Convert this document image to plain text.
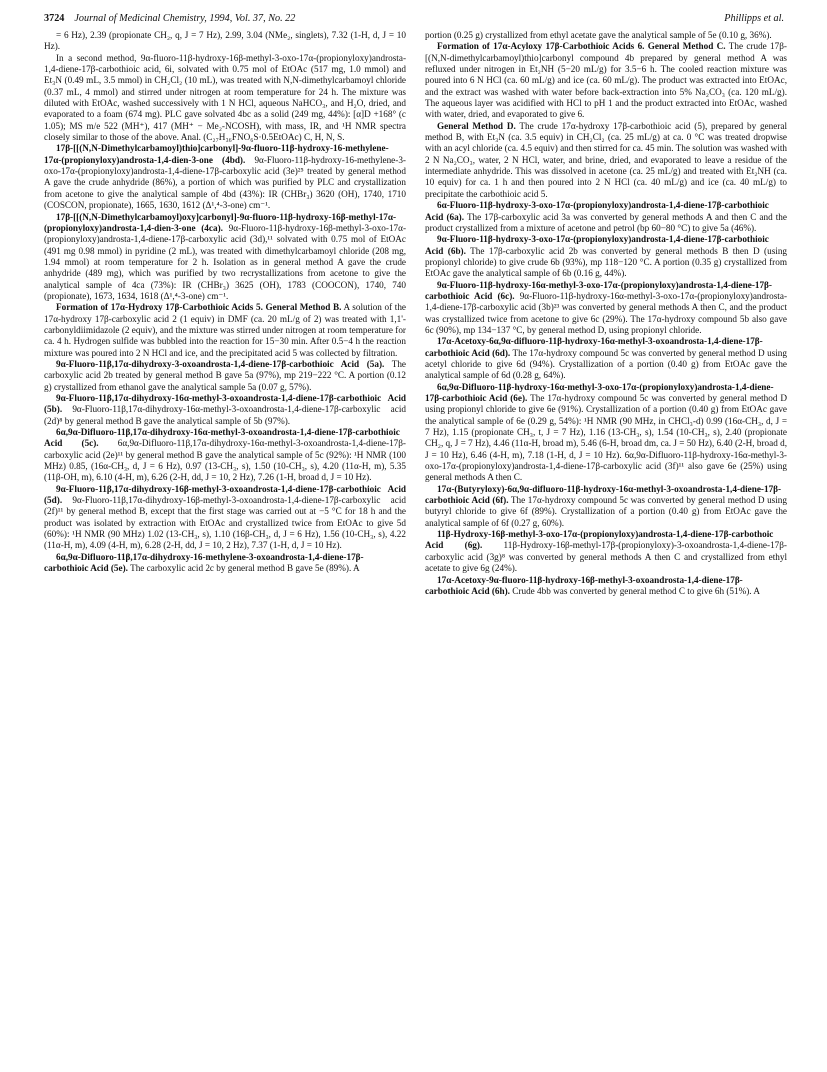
3724 Journal of Medicinal Chemistry, 1994, Vol. 37, No. 22	Phillipps et al.

= 6 Hz), 2.39 (propionate CH₂, q, J = 7 Hz), 2.99, 3.04 (NMe₂, singlets), 7.32 (1-H, d, J = 10 Hz).

In a second method, 9α-fluoro-11β-hydroxy-16β-methyl-3-oxo-17α-(propionyloxy)androsta-1,4-diene-17β-carbothioic acid, 6i, solvated with 0.75 mol of EtOAc (517 mg, 1.0 mmol) and Et₃N (0.49 mL, 3.5 mmol) in CH₂Cl₂ (10 mL), was treated with N,N-dimethylcarbamoyl chloride (0.37 mL, 4 mmol) and stirred under nitrogen at room temperature for 24 h. The mixture was diluted with EtOAc, washed successively with 1 N HCl, aqueous NaHCO₃, and H₂O, dried, and evaporated to a foam (674 mg). PLC gave solvated 4bc as a solid (249 mg, 44%): [α]D +168° (c 1.05); MS m/e 522 (MH⁺), 417 (MH⁺ − Me₂-NCOSH), with mass, IR, and ¹H NMR spectra closely similar to those of the above. Anal. (C₂₇H₃₆FNO₆S·0.5EtOAc) C, H, N, S.

17β-[[(N,N-Dimethylcarbamoyl)thio]carbonyl]-9α-fluoro-11β-hydroxy-16-methylene-17α-(propionyloxy)androsta-1,4-dien-3-one (4bd). 9α-Fluoro-11β-hydroxy-16-methylene-3-oxo-17α-(propionyloxy)androsta-1,4-diene-17β-carboxylic acid (3e)²⁵ treated by general method A gave the crude anhydride (86%), a portion of which was purified by PLC and crystallization from acetone to give the analytical sample of 4bd (43%): IR (CHBr₃) 3620 (OH), 1740, 1710 (COSCON, propionate), 1665, 1630, 1612 (Δ¹,⁴-3-one) cm⁻¹.

17β-[[(N,N-Dimethylcarbamoyl)oxy]carbonyl]-9α-fluoro-11β-hydroxy-16β-methyl-17α-(propionyloxy)androsta-1,4-dien-3-one (4ca). 9α-Fluoro-11β-hydroxy-16β-methyl-3-oxo-17α-(propionyloxy)androsta-1,4-diene-17β-carboxylic acid (3d),¹¹ solvated with 0.75 mol of EtOAc (491 mg 0.98 mmol) in pyridine (2 mL), was treated with dimethylcarbamoyl chloride (208 mg, 1.94 mmol) at room temperature for 2 h. Isolation as in general method A gave the crude anhydride (489 mg), which was purified by two recrystallizations from acetone to give the analytical sample of 4ca (73%): IR (CHBr₃) 3625 (OH), 1783 (COOCON), 1740, 740 (propionate), 1673, 1634, 1618 (Δ¹,⁴-3-one) cm⁻¹.

Formation of 17α-Hydroxy 17β-Carbothioic Acids 5. General Method B. A solution of the 17α-hydroxy 17β-carboxylic acid 2 (1 equiv) in DMF (ca. 20 mL/g of 2) was treated with 1,1'-carbonyldiimidazole (2 equiv), and the mixture was stirred under nitrogen at room temperature for ca. 4 h. Hydrogen sulfide was bubbled into the reaction for 15−30 min. After 0.5−4 h the reaction mixture was poured into 2 N HCl and ice, and the precipitated acid 5 was collected by filtration.

9α-Fluoro-11β,17α-dihydroxy-3-oxoandrosta-1,4-diene-17β-carbothioic Acid (5a). The carboxylic acid 2b treated by general method B gave 5a (97%), mp 219−222 °C. A portion (0.12 g) crystallized from ethanol gave the analytical sample 5a (0.07 g, 57%).

9α-Fluoro-11β,17α-dihydroxy-16α-methyl-3-oxoandrosta-1,4-diene-17β-carbothioic Acid (5b). 9α-Fluoro-11β,17α-dihydroxy-16α-methyl-3-oxoandrosta-1,4-diene-17β-carboxylic acid (2d)⁸ by general method B gave the analytical sample of 5b (97%).

6α,9α-Difluoro-11β,17α-dihydroxy-16α-methyl-3-oxoandrosta-1,4-diene-17β-carbothioic Acid (5c). 6α,9α-Difluoro-11β,17α-dihydroxy-16α-methyl-3-oxoandrosta-1,4-diene-17β-carboxylic acid (2e)¹¹ by general method B gave the analytical sample of 5c (92%): ¹H NMR (100 MHz) 0.85, (16α-CH₃, d, J = 6 Hz), 0.97 (13-CH₃, s), 1.50 (10-CH₃, s), 4.20 (11α-H, m), 5.35 (11β-OH, m), 6.10 (4-H, m), 6.26 (2-H, dd, J = 10, 2 Hz), 7.26 (1-H, broad d, J = 10 Hz).

9α-Fluoro-11β,17α-dihydroxy-16β-methyl-3-oxoandrosta-1,4-diene-17β-carbothioic Acid (5d). 9α-Fluoro-11β,17α-dihydroxy-16β-methyl-3-oxoandrosta-1,4-diene-17β-carboxylic acid (2f)¹¹ by general method B, except that the first stage was carried out at −5 °C for 18 h and the product was isolated by extraction with EtOAc and crystallized twice from EtOAc to give 5d (60%): ¹H NMR (90 MHz) 1.02 (13-CH₃, s), 1.10 (16β-CH₃, d, J = 6 Hz), 1.56 (10-CH₃, s), 4.22 (11α-H, m), 4.09 (4-H, m), 6.28 (2-H, dd, J = 10, 2 Hz), 7.37 (1-H, d, J = 10 Hz).

6α,9α-Difluoro-11β,17α-dihydroxy-16-methylene-3-oxoandrosta-1,4-diene-17β-carbothioic Acid (5e). The carboxylic acid 2c by general method B gave 5e (89%). A

portion (0.25 g) crystallized from ethyl acetate gave the analytical sample of 5e (0.10 g, 36%).

Formation of 17α-Acyloxy 17β-Carbothioic Acids 6. General Method C. The crude 17β-[(N,N-dimethylcarbamoyl)thio]carbonyl compound 4b prepared by general method A was refluxed under nitrogen in Et₂NH (5−20 mL/g) for 3.5−6 h. The cooled reaction mixture was poured into 6 N HCl (ca. 60 mL/g) and ice (ca. 60 mL/g). The product was extracted into EtOAc, and the extract was washed with water before back-extraction into 5% Na₂CO₃ (ca. 120 mL/g). The aqueous layer was acidified with HCl to pH 1 and the product extracted into EtOAc, washed with water, dried, and evaporated to give 6.

General Method D. The crude 17α-hydroxy 17β-carbothioic acid (5), prepared by general method B, with Et₃N (ca. 3.5 equiv) in CH₂Cl₂ (ca. 25 mL/g) at ca. 0 °C was treated dropwise with an acyl chloride (ca. 4.5 equiv) and then stirred for ca. 45 min. The solution was washed with 2 N Na₂CO₃, water, 2 N HCl, water, and brine, dried, and evaporated to leave a residue of the intermediate anhydride. This was dissolved in acetone (ca. 25 mL/g) and treated with Et₂NH (ca. 10 equiv) for ca. 1 h and then poured into 2 N HCl (ca. 40 mL/g) and ice (ca. 40 mL/g) to precipitate the carbothioic acid 5.

6α-Fluoro-11β-hydroxy-3-oxo-17α-(propionyloxy)androsta-1,4-diene-17β-carbothioic Acid (6a). The 17β-carboxylic acid 3a was converted by general methods A and then C and the product crystallized from a mixture of acetone and petrol (bp 60−80 °C) to give 5a (46%).

9α-Fluoro-11β-hydroxy-3-oxo-17α-(propionyloxy)androsta-1,4-diene-17β-carbothioic Acid (6b). The 17β-carboxylic acid 2b was converted by general methods B then D (using propionyl chloride) to give crude 6b (93%), mp 118−120 °C. A portion (0.35 g) crystallized from EtOAc gave the analytical sample of 6b (0.16 g, 44%).

9α-Fluoro-11β-hydroxy-16α-methyl-3-oxo-17α-(propionyloxy)androsta-1,4-diene-17β-carbothioic Acid (6c). 9α-Fluoro-11β-hydroxy-16α-methyl-3-oxo-17α-(propionyloxy)androsta-1,4-diene-17β-carboxylic acid (3b)²³ was converted by general methods A then C, and the product was crystallized twice from acetone to give 6c (29%). The 17α-hydroxy compound 5b also gave 6c (90%), mp 134−137 °C, by general method D, using propionyl chloride.

17α-Acetoxy-6α,9α-difluoro-11β-hydroxy-16α-methyl-3-oxoandrosta-1,4-diene-17β-carbothioic Acid (6d). The 17α-hydroxy compound 5c was converted by general method D using acetyl chloride to give 6d (94%). Crystallization of a portion (0.40 g) from EtOAc gave the analytical sample of 6d (0.28 g, 64%).

6α,9α-Difluoro-11β-hydroxy-16α-methyl-3-oxo-17α-(propionyloxy)androsta-1,4-diene-17β-carbothioic Acid (6e). The 17α-hydroxy compound 5c was converted by general method D using propionyl chloride to give 6e (91%). Crystallization of a portion (0.40 g) from EtOAc gave the analytical sample of 6e (0.29 g, 54%): ¹H NMR (90 MHz, in CHCl₃-d) 0.99 (16α-CH₃, d, J = 7 Hz), 1.15 (propionate CH₃, t, J = 7 Hz), 1.16 (13-CH₃, s), 1.54 (10-CH₃, s), 2.40 (propionate CH₂, q, J = 7 Hz), 4.46 (11α-H, broad m), 5.46 (6-H, broad dm, ca. J = 50 Hz), 6.40 (2-H, broad d, J = 10 Hz), 6.46 (4-H, m), 7.18 (1-H, d, J = 10 Hz). 6α,9α-Difluoro-11β-hydroxy-16α-methyl-3-oxo-17α-(propionyloxy)androsta-1,4-diene-17β-carboxylic acid (3f)¹¹ also gave 6e (25%) using general methods A then C.

17α-(Butyryloxy)-6α,9α-difluoro-11β-hydroxy-16α-methyl-3-oxoandrosta-1,4-diene-17β-carbothioic Acid (6f). The 17α-hydroxy compound 5c was converted by general method D using butyryl chloride to give 6f (89%). Crystallization of a portion (0.40 g) from EtOAc gave the analytical sample of 6f (0.27 g, 60%).

11β-Hydroxy-16β-methyl-3-oxo-17α-(propionyloxy)androsta-1,4-diene-17β-carbothoic Acid (6g). 11β-Hydroxy-16β-methyl-17β-(propionyloxy)-3-oxoandrosta-1,4-diene-17β-carboxylic acid (3g)⁸ was converted by general methods A then C and crystallized from ethyl acetate to give 6g (24%).

17α-Acetoxy-9α-fluoro-11β-hydroxy-16β-methyl-3-oxoandrosta-1,4-diene-17β-carbothioic Acid (6h). Crude 4bb was converted by general method C to give 6h (51%). A
